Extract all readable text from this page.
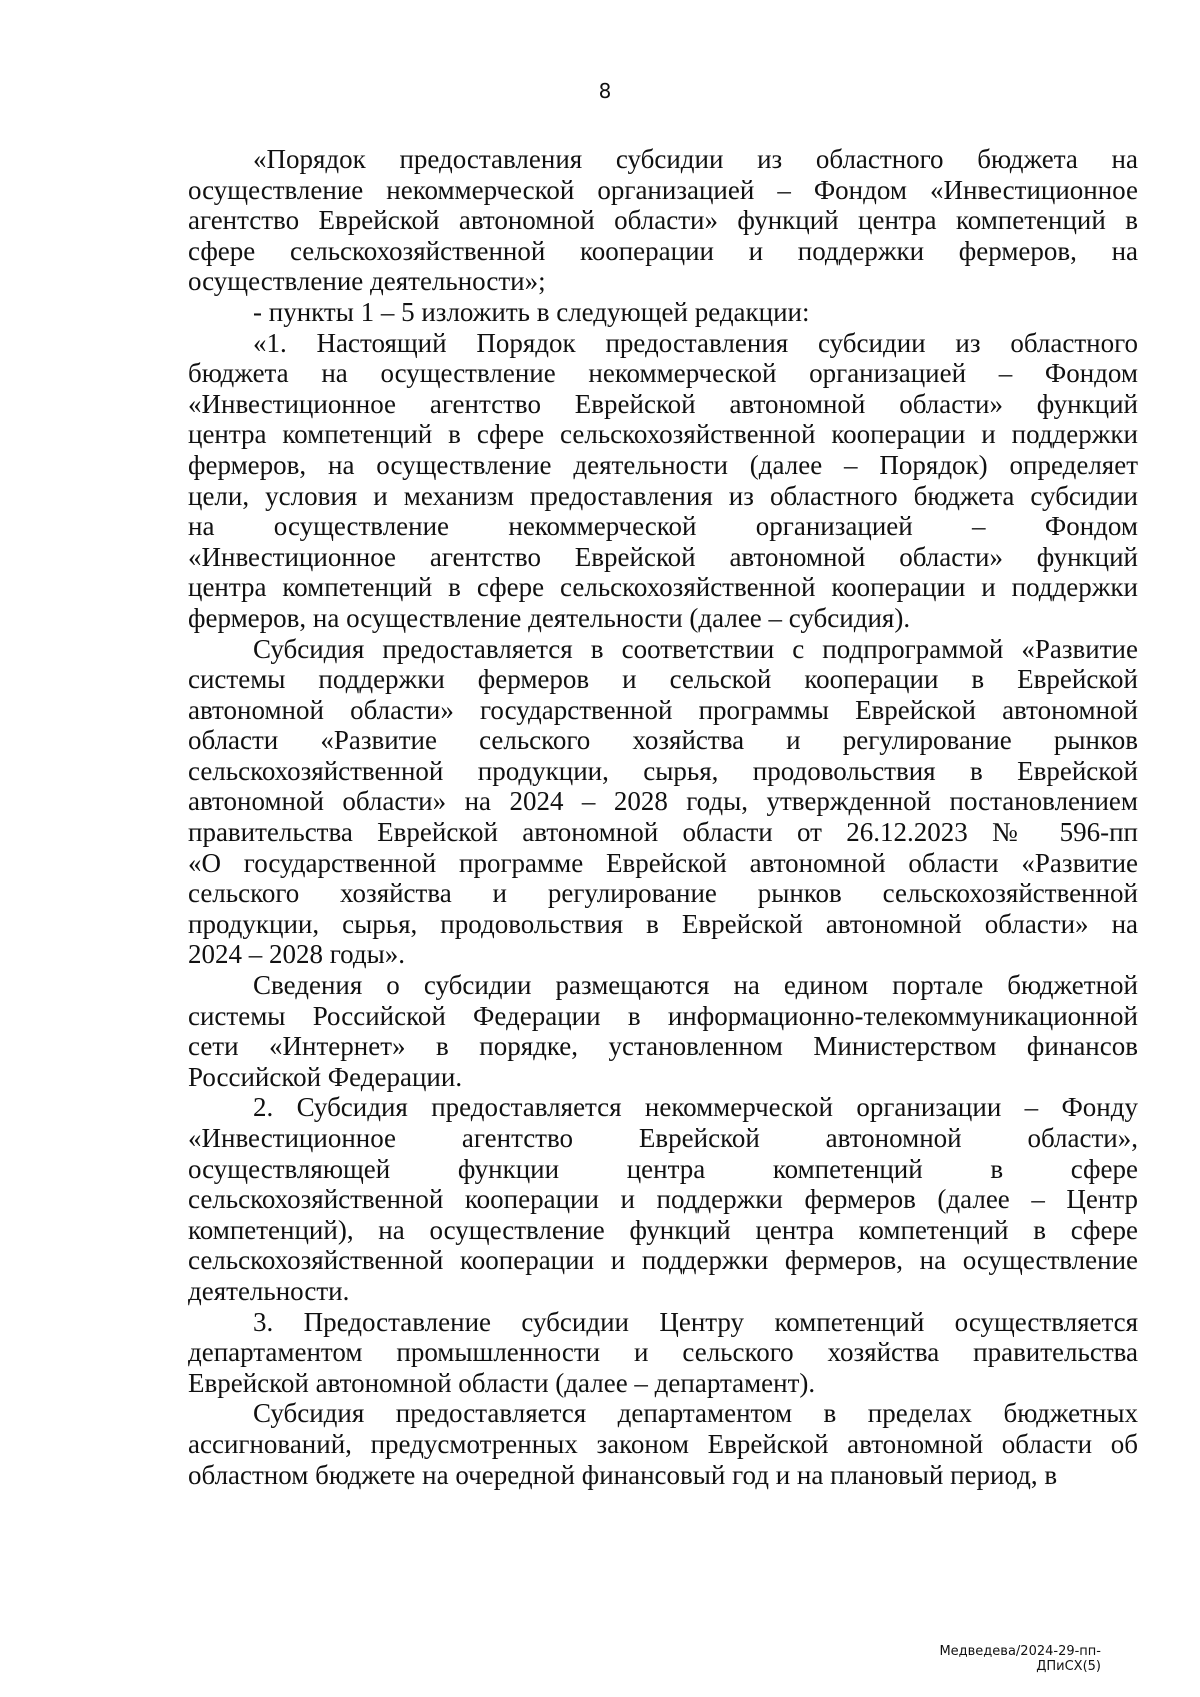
8

«Порядок предоставления субсидии из областного бюджета на

осуществление некоммерческой организацией – Фондом «Инвестиционное

агентство Еврейской автономной области» функций центра компетенций в

сфере сельскохозяйственной кооперации и поддержки фермеров, на

осуществление деятельности»;

- пункты 1 – 5 изложить в следующей редакции:

«1. Настоящий Порядок предоставления субсидии из областного

бюджета на осуществление некоммерческой организацией – Фондом

«Инвестиционное агентство Еврейской автономной области» функций

центра компетенций в сфере сельскохозяйственной кооперации и поддержки

фермеров, на осуществление деятельности (далее – Порядок) определяет

цели, условия и механизм предоставления из областного бюджета субсидии

на осуществление некоммерческой организацией – Фондом

«Инвестиционное агентство Еврейской автономной области» функций

центра компетенций в сфере сельскохозяйственной кооперации и поддержки

фермеров, на осуществление деятельности (далее – субсидия).

Субсидия предоставляется в соответствии с подпрограммой «Развитие

системы поддержки фермеров и сельской кооперации в Еврейской

автономной области» государственной программы Еврейской автономной

области «Развитие сельского хозяйства и регулирование рынков

сельскохозяйственной продукции, сырья, продовольствия в Еврейской

автономной области» на 2024 – 2028 годы, утвержденной постановлением

правительства Еврейской автономной области от 26.12.2023 № 596-пп

«О государственной программе Еврейской автономной области «Развитие

сельского хозяйства и регулирование рынков сельскохозяйственной

продукции, сырья, продовольствия в Еврейской автономной области» на

2024 – 2028 годы».

Сведения о субсидии размещаются на едином портале бюджетной

системы Российской Федерации в информационно-телекоммуникационной

сети «Интернет» в порядке, установленном Министерством финансов

Российской Федерации.

2. Субсидия предоставляется некоммерческой организации – Фонду

«Инвестиционное агентство Еврейской автономной области»,

осуществляющей функции центра компетенций в сфере

сельскохозяйственной кооперации и поддержки фермеров (далее – Центр

компетенций), на осуществление функций центра компетенций в сфере

сельскохозяйственной кооперации и поддержки фермеров, на осуществление

деятельности.

3. Предоставление субсидии Центру компетенций осуществляется

департаментом промышленности и сельского хозяйства правительства

Еврейской автономной области (далее – департамент).

Субсидия предоставляется департаментом в пределах бюджетных

ассигнований, предусмотренных законом Еврейской автономной области об

областном бюджете на очередной финансовый год и на плановый период, в

Медведева/2024-29-пп-ДПиСХ(5)
